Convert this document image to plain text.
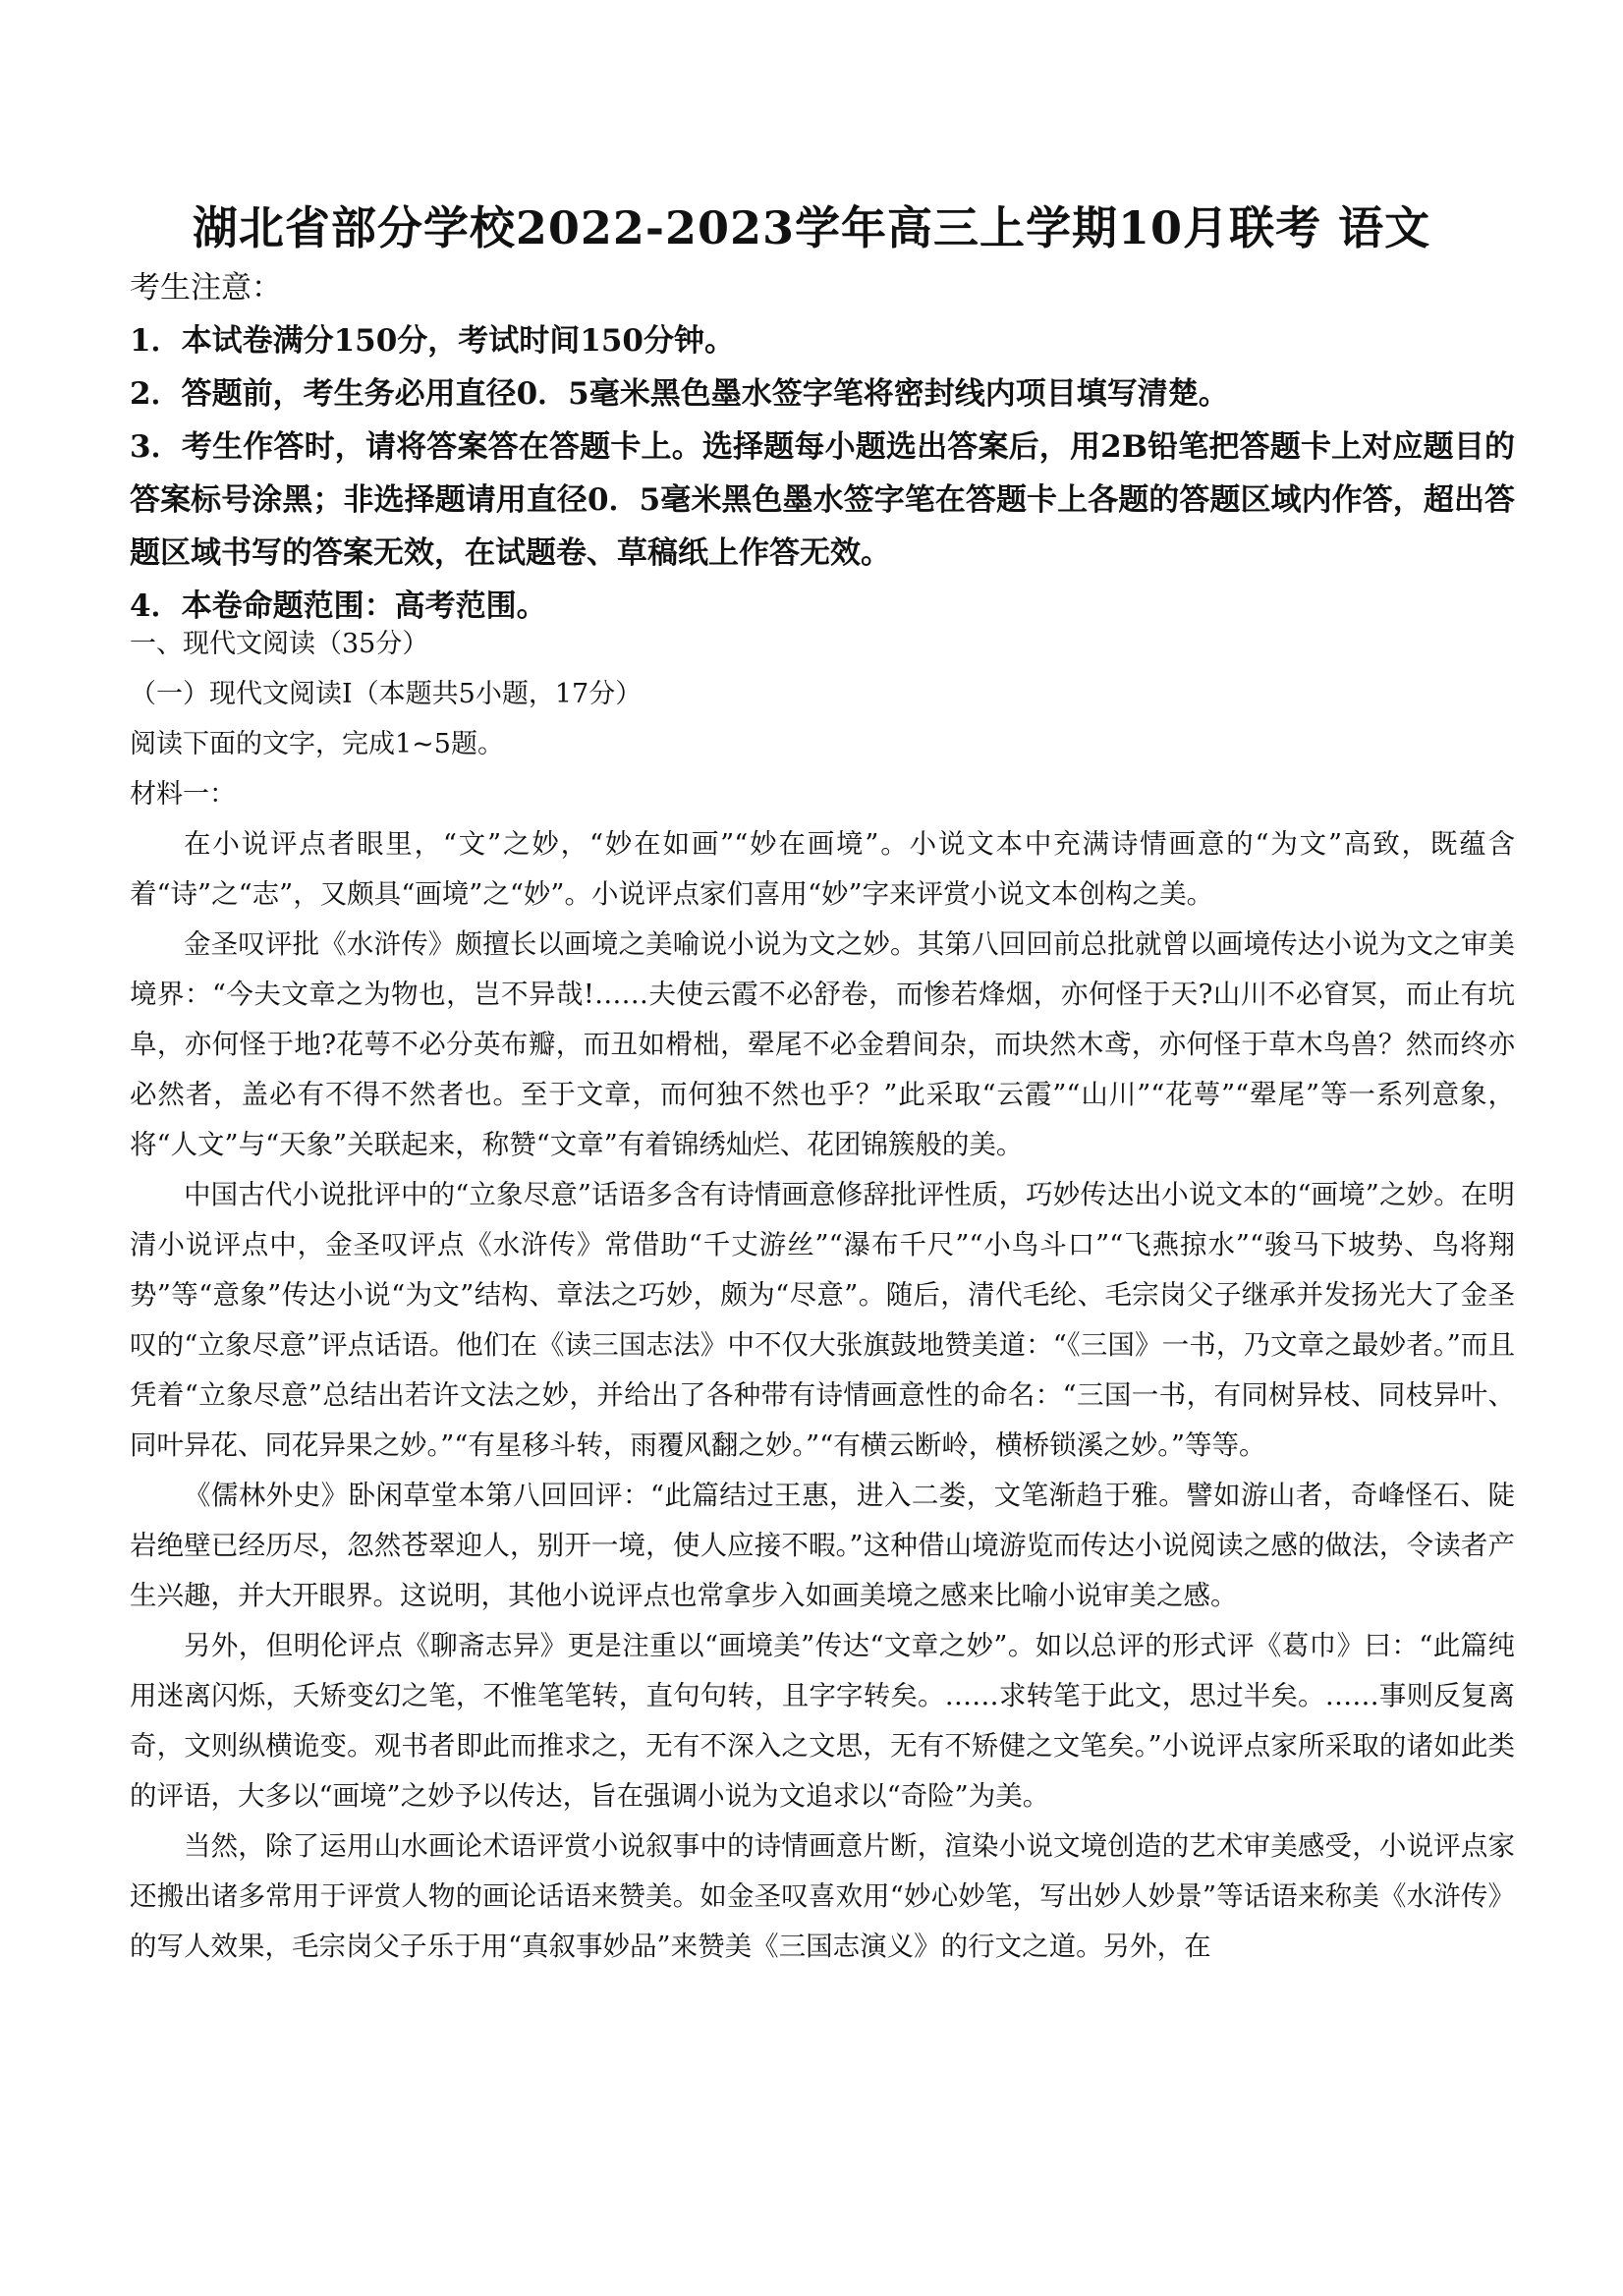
湖北省部分学校2022-2023学年高三上学期10月联考 语文
考生注意：
1．本试卷满分150分，考试时间150分钟。
2．答题前，考生务必用直径0．5毫米黑色墨水签字笔将密封线内项目填写清楚。
3．考生作答时，请将答案答在答题卡上。选择题每小题选出答案后，用2B铅笔把答题卡上对应题目的答案标号涂黑；非选择题请用直径0．5毫米黑色墨水签字笔在答题卡上各题的答题区域内作答，超出答题区域书写的答案无效，在试题卷、草稿纸上作答无效。
4．本卷命题范围：高考范围。
一、现代文阅读（35分）
（一）现代文阅读I（本题共5小题，17分）
阅读下面的文字，完成1~5题。
材料一：

在小说评点者眼里，“文”之妙，“妙在如画”“妙在画境”。小说文本中充满诗情画意的“为文”高致，既蕴含着“诗”之“志”，又颇具“画境”之“妙”。小说评点家们喜用“妙”字来评赏小说文本创构之美。

金圣叹评批《水浒传》颇擅长以画境之美喻说小说为文之妙。其第八回回前总批就曾以画境传达小说为文之审美境界：“今夫文章之为物也，岂不异哉!……夫使云霞不必舒卷，而惨若烽烟，亦何怪于天?山川不必窅冥，而止有坑阜，亦何怪于地?花萼不必分英布瓣，而丑如榾柮，翚尾不必金碧间杂，而块然木鸢，亦何怪于草木鸟兽？然而终亦必然者，盖必有不得不然者也。至于文章，而何独不然也乎？”此采取“云霞”“山川”“花萼”“翚尾”等一系列意象，将“人文”与“天象”关联起来，称赞“文章”有着锦绣灿烂、花团锦簇般的美。

中国古代小说批评中的“立象尽意”话语多含有诗情画意修辞批评性质，巧妙传达出小说文本的“画境”之妙。在明清小说评点中，金圣叹评点《水浒传》常借助“千丈游丝”“瀑布千尺”“小鸟斗口”“飞燕掠水”“骏马下坡势、鸟将翔势”等“意象”传达小说“为文”结构、章法之巧妙，颇为“尽意”。随后，清代毛纶、毛宗岗父子继承并发扬光大了金圣叹的“立象尽意”评点话语。他们在《读三国志法》中不仅大张旗鼓地赞美道：“《三国》一书，乃文章之最妙者。”而且凭着“立象尽意”总结出若许文法之妙，并给出了各种带有诗情画意性的命名：“三国一书，有同树异枝、同枝异叶、同叶异花、同花异果之妙。”“有星移斗转，雨覆风翻之妙。”“有横云断岭，横桥锁溪之妙。”等等。

《儒林外史》卧闲草堂本第八回回评：“此篇结过王惠，进入二娄，文笔渐趋于雅。譬如游山者，奇峰怪石、陡岩绝壁已经历尽，忽然苍翠迎人，别开一境，使人应接不暇。”这种借山境游览而传达小说阅读之感的做法，令读者产生兴趣，并大开眼界。这说明，其他小说评点也常拿步入如画美境之感来比喻小说审美之感。

另外，但明伦评点《聊斋志异》更是注重以“画境美”传达“文章之妙”。如以总评的形式评《葛巾》曰：“此篇纯用迷离闪烁，夭矫变幻之笔，不惟笔笔转，直句句转，且字字转矣。……求转笔于此文，思过半矣。……事则反复离奇，文则纵横诡变。观书者即此而推求之，无有不深入之文思，无有不矫健之文笔矣。”小说评点家所采取的诸如此类的评语，大多以“画境”之妙予以传达，旨在强调小说为文追求以“奇险”为美。

当然，除了运用山水画论术语评赏小说叙事中的诗情画意片断，渲染小说文境创造的艺术审美感受，小说评点家还搬出诸多常用于评赏人物的画论话语来赞美。如金圣叹喜欢用“妙心妙笔，写出妙人妙景”等话语来称美《水浒传》的写人效果，毛宗岗父子乐于用“真叙事妙品”来赞美《三国志演义》的行文之道。另外，在
